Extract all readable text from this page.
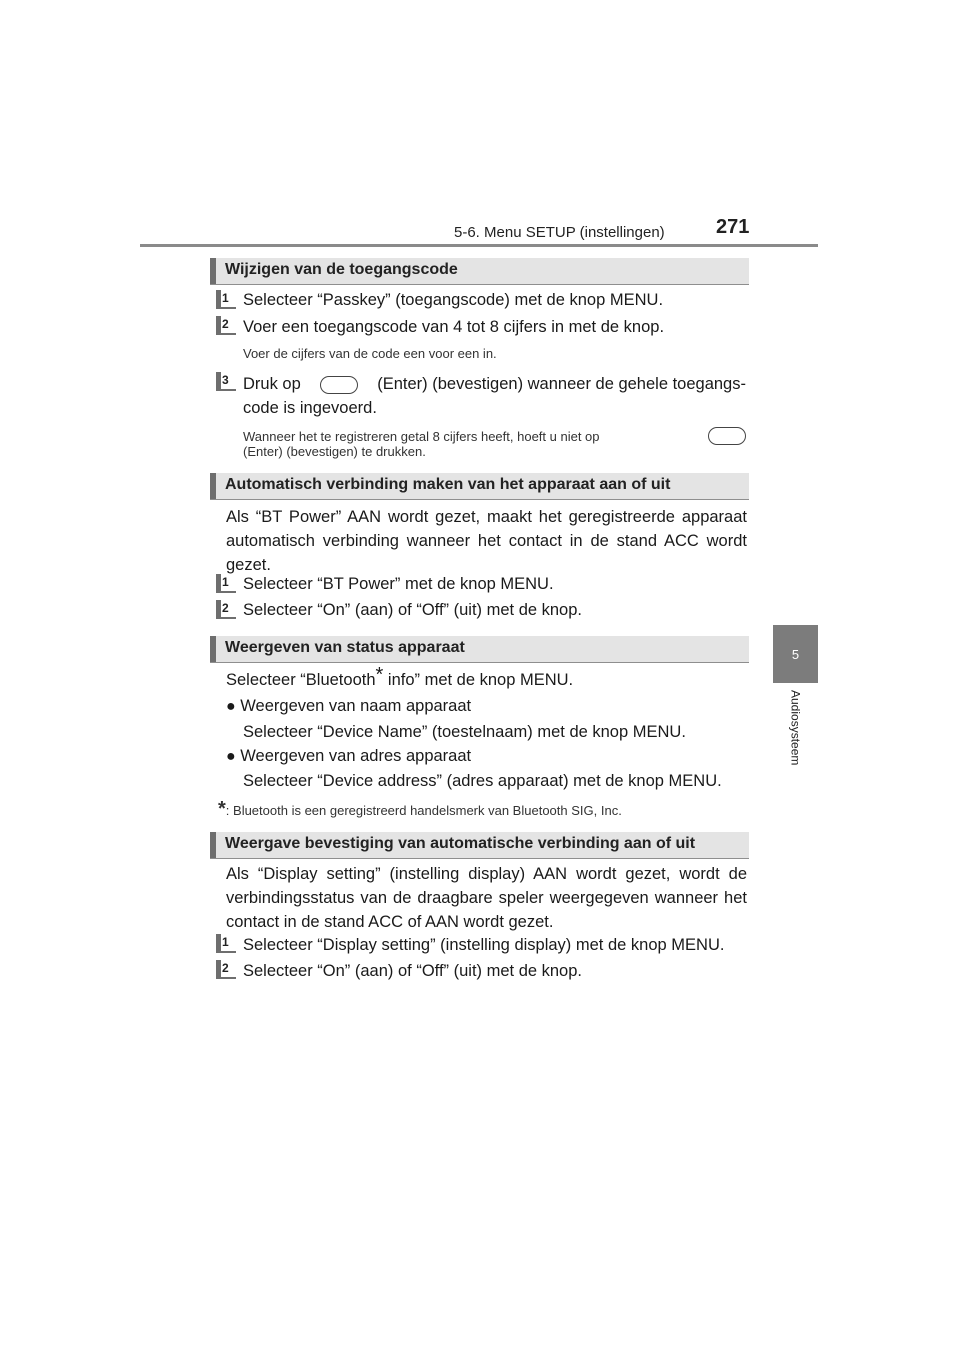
5-6. Menu SETUP (instellingen)	271
5
Audiosysteem
Wijzigen van de toegangscode
1 Selecteer “Passkey” (toegangscode) met de knop MENU.
2 Voer een toegangscode van 4 tot 8 cijfers in met de knop.
Voer de cijfers van de code een voor een in.
3 Druk op	(Enter) (bevestigen) wanneer de gehele toegangs-
code is ingevoerd.
Wanneer het te registreren getal 8 cijfers heeft, hoeft u niet op
(Enter) (bevestigen) te drukken.
Automatisch verbinding maken van het apparaat aan of uit
Als “BT Power” AAN wordt gezet, maakt het geregistreerde apparaat automatisch verbinding wanneer het contact in de stand ACC wordt gezet.
1 Selecteer “BT Power” met de knop MENU.
2 Selecteer “On” (aan) of “Off” (uit) met de knop.
Weergeven van status apparaat
Selecteer “Bluetooth* info” met de knop MENU.
● Weergeven van naam apparaat
Selecteer “Device Name” (toestelnaam) met de knop MENU.
● Weergeven van adres apparaat
Selecteer “Device address” (adres apparaat) met de knop MENU.
*: Bluetooth is een geregistreerd handelsmerk van Bluetooth SIG, Inc.
Weergave bevestiging van automatische verbinding aan of uit
Als “Display setting” (instelling display) AAN wordt gezet, wordt de verbindingsstatus van de draagbare speler weergegeven wanneer het contact in de stand ACC of AAN wordt gezet.
1 Selecteer “Display setting” (instelling display) met de knop MENU.
2 Selecteer “On” (aan) of “Off” (uit) met de knop.
